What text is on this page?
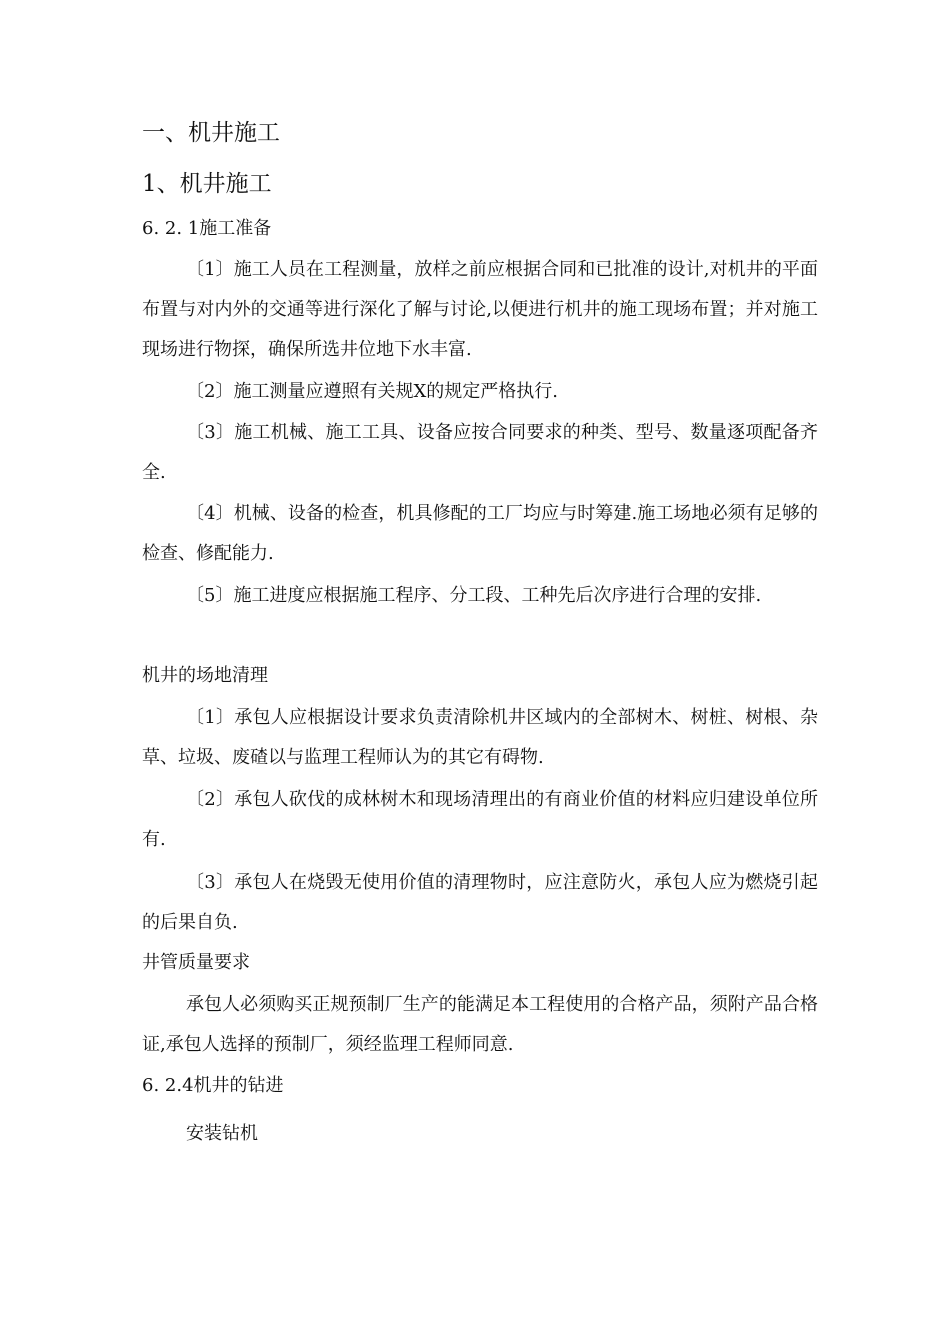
一、机井施工
1、机井施工
6. 2. 1施工准备
〔1〕施工人员在工程测量，放样之前应根据合同和已批准的设计,对机井的平面布置与对内外的交通等进行深化了解与讨论,以便进行机井的施工现场布置；并对施工现场进行物探，确保所选井位地下水丰富.
〔2〕施工测量应遵照有关规X的规定严格执行.
〔3〕施工机械、施工工具、设备应按合同要求的种类、型号、数量逐项配备齐全.
〔4〕机械、设备的检查，机具修配的工厂均应与时筹建.施工场地必须有足够的检查、修配能力.
〔5〕施工进度应根据施工程序、分工段、工种先后次序进行合理的安排.
机井的场地清理
〔1〕承包人应根据设计要求负责清除机井区域内的全部树木、树桩、树根、杂草、垃圾、废碴以与监理工程师认为的其它有碍物.
〔2〕承包人砍伐的成林树木和现场清理出的有商业价值的材料应归建设单位所有.
〔3〕承包人在烧毁无使用价值的清理物时，应注意防火，承包人应为燃烧引起的后果自负.
井管质量要求
承包人必须购买正规预制厂生产的能满足本工程使用的合格产品，须附产品合格证,承包人选择的预制厂，须经监理工程师同意.
6. 2.4机井的钻进
安装钻机
